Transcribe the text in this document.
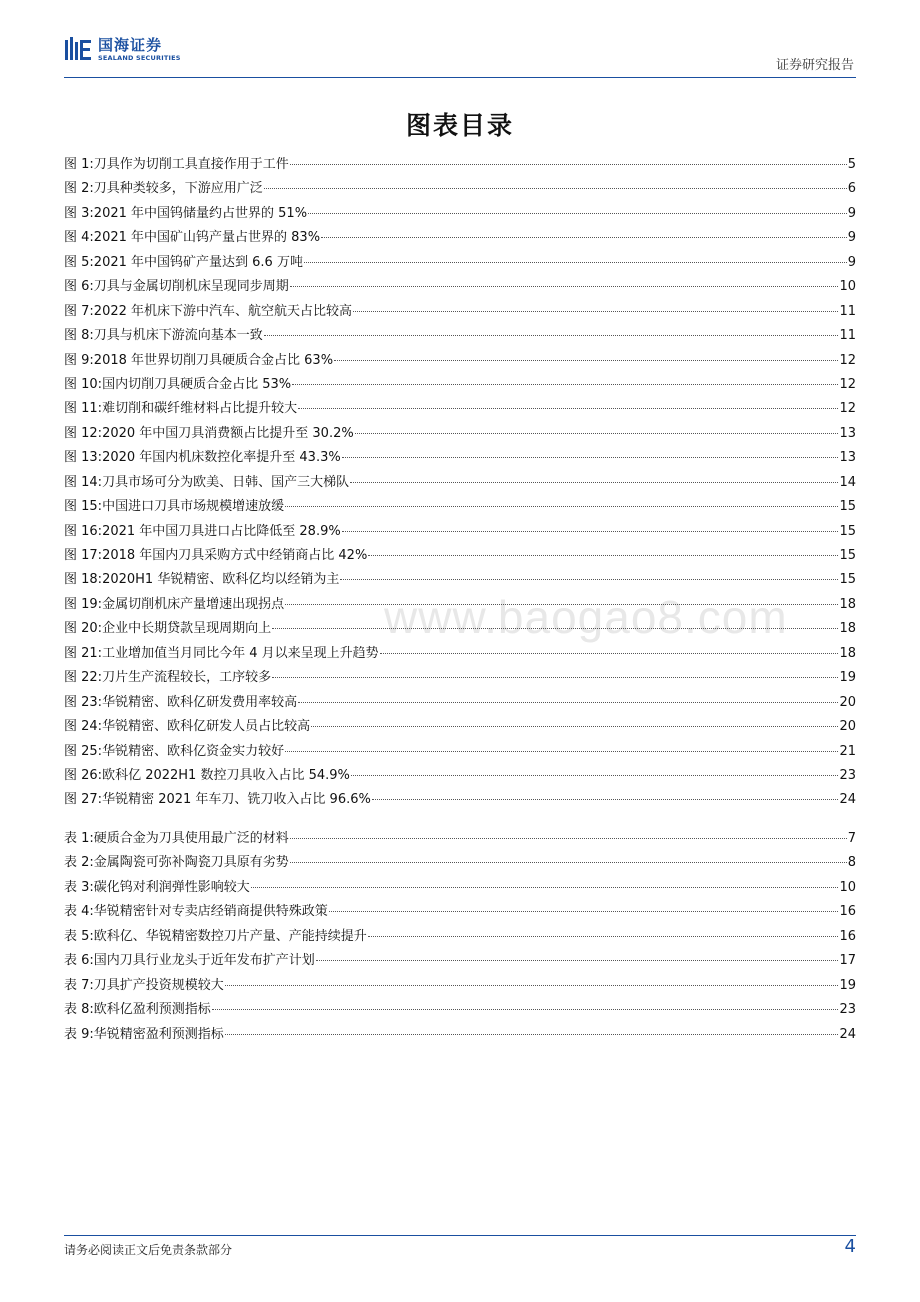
国海证券
SEALAND SECURITIES
证券研究报告
www.baogao8.com
图表目录
图 1: 刀具作为切削工具直接作用于工件	5
图 2: 刀具种类较多，下游应用广泛	6
图 3: 2021 年中国钨储量约占世界的 51%	9
图 4: 2021 年中国矿山钨产量占世界的 83%	9
图 5: 2021 年中国钨矿产量达到 6.6 万吨	9
图 6: 刀具与金属切削机床呈现同步周期	10
图 7: 2022 年机床下游中汽车、航空航天占比较高	11
图 8: 刀具与机床下游流向基本一致	11
图 9: 2018 年世界切削刀具硬质合金占比 63%	12
图 10: 国内切削刀具硬质合金占比 53%	12
图 11: 难切削和碳纤维材料占比提升较大	12
图 12: 2020 年中国刀具消费额占比提升至 30.2%	13
图 13: 2020 年国内机床数控化率提升至 43.3%	13
图 14: 刀具市场可分为欧美、日韩、国产三大梯队	14
图 15: 中国进口刀具市场规模增速放缓	15
图 16: 2021 年中国刀具进口占比降低至 28.9%	15
图 17: 2018 年国内刀具采购方式中经销商占比 42%	15
图 18: 2020H1 华锐精密、欧科亿均以经销为主	15
图 19: 金属切削机床产量增速出现拐点	18
图 20: 企业中长期贷款呈现周期向上	18
图 21: 工业增加值当月同比今年 4 月以来呈现上升趋势	18
图 22: 刀片生产流程较长，工序较多	19
图 23: 华锐精密、欧科亿研发费用率较高	20
图 24: 华锐精密、欧科亿研发人员占比较高	20
图 25: 华锐精密、欧科亿资金实力较好	21
图 26: 欧科亿 2022H1 数控刀具收入占比 54.9%	23
图 27: 华锐精密 2021 年车刀、铣刀收入占比 96.6%	24
表 1: 硬质合金为刀具使用最广泛的材料	7
表 2: 金属陶瓷可弥补陶瓷刀具原有劣势	8
表 3: 碳化钨对利润弹性影响较大	10
表 4: 华锐精密针对专卖店经销商提供特殊政策	16
表 5: 欧科亿、华锐精密数控刀片产量、产能持续提升	16
表 6: 国内刀具行业龙头于近年发布扩产计划	17
表 7: 刀具扩产投资规模较大	19
表 8: 欧科亿盈利预测指标	23
表 9: 华锐精密盈利预测指标	24
请务必阅读正文后免责条款部分	4
